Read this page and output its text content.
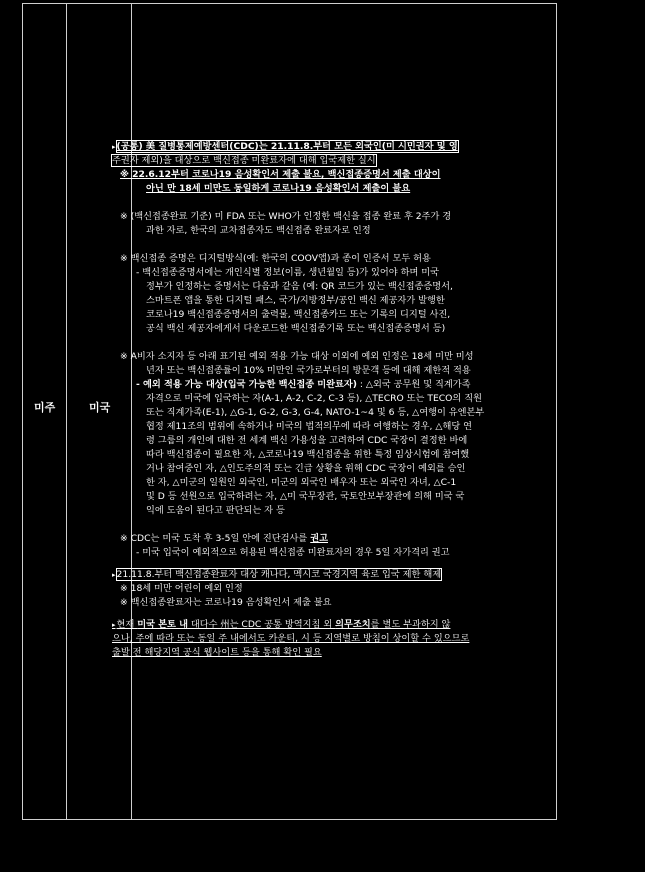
미주	미국

▸(공통) 美 질병통제예방센터(CDC)는 21.11.8.부터 모든 외국인(미 시민권자 및 영

주권자 제외)을 대상으로 백신접종 미완료자에 대해 입국제한 실시

※ 22.6.12부터 코로나19 음성확인서 제출 불요, 백신접종증명서 제출 대상이

아닌 만 18세 미만도 동일하게 코로나19 음성확인서 제출이 불요

※ (백신접종완료 기준) 미 FDA 또는 WHO가 인정한 백신을 접종 완료 후 2주가 경

과한 자로, 한국의 교차접종자도 백신접종 완료자로 인정

※ 백신접종 증명은 디지털방식(예: 한국의 COOV앱)과 종이 인증서 모두 허용

- 백신접종증명서에는 개인식별 정보(이름, 생년월일 등)가 있어야 하며 미국

정부가 인정하는 증명서는 다음과 같음 (예: QR 코드가 있는 백신접종증명서,

스마트폰 앱을 통한 디지털 패스, 국가/지방정부/공인 백신 제공자가 발행한

코로나19 백신접종증명서의 출력물, 백신접종카드 또는 기록의 디지털 사진,

공식 백신 제공자에게서 다운로드한 백신접종기록 또는 백신접종증명서 등)

※ A비자 소지자 등 아래 표기된 예외 적용 가능 대상 이외에 예외 인정은 18세 미만 미성

년자 또는 백신접종률이 10% 미만인 국가로부터의 방문객 등에 대해 제한적 적용

- 예외 적용 가능 대상(입국 가능한 백신접종 미완료자) : △외국 공무원 및 직계가족

자격으로 미국에 입국하는 자(A-1, A-2, C-2, C-3 등), △TECRO 또는 TECO의 직원

또는 직계가족(E-1), △G-1, G-2, G-3, G-4, NATO-1~4 및 6 등, △여행이 유엔본부

협정 제11조의 범위에 속하거나 미국의 법적의무에 따라 여행하는 경우, △해당 연

령 그룹의 개인에 대한 전 세계 백신 가용성을 고려하여 CDC 국장이 결정한 바에

따라 백신접종이 필요한 자, △코로나19 백신접종을 위한 특정 임상시험에 참여했

거나 참여중인 자, △인도주의적 또는 긴급 상황을 위해 CDC 국장이 예외를 승인

한 자, △미군의 일원인 외국인, 미군의 외국인 배우자 또는 외국인 자녀, △C-1

및 D 등 선원으로 입국하려는 자, △미 국무장관, 국토안보부장관에 의해 미국 국

익에 도움이 된다고 판단되는 자 등

※ CDC는 미국 도착 후 3-5일 안에 진단검사를 권고

- 미국 입국이 예외적으로 허용된 백신접종 미완료자의 경우 5일 자가격리 권고

▸21.11.8.부터 백신접종완료자 대상 캐나다, 멕시코 국경지역 육로 입국 제한 해제

※ 18세 미만 어린이 예외 인정

※ 백신접종완료자는 코로나19 음성확인서 제출 불요

▸현재 미국 본토 내 대다수 州는 CDC 공통 방역지침 외 의무조치를 별도 부과하지 않

으나, 주에 따라 또는 동일 주 내에서도 카운티, 시 등 지역별로 방침이 상이할 수 있으므로

출발 전 해당지역 공식 웹사이트 등을 통해 확인 필요
